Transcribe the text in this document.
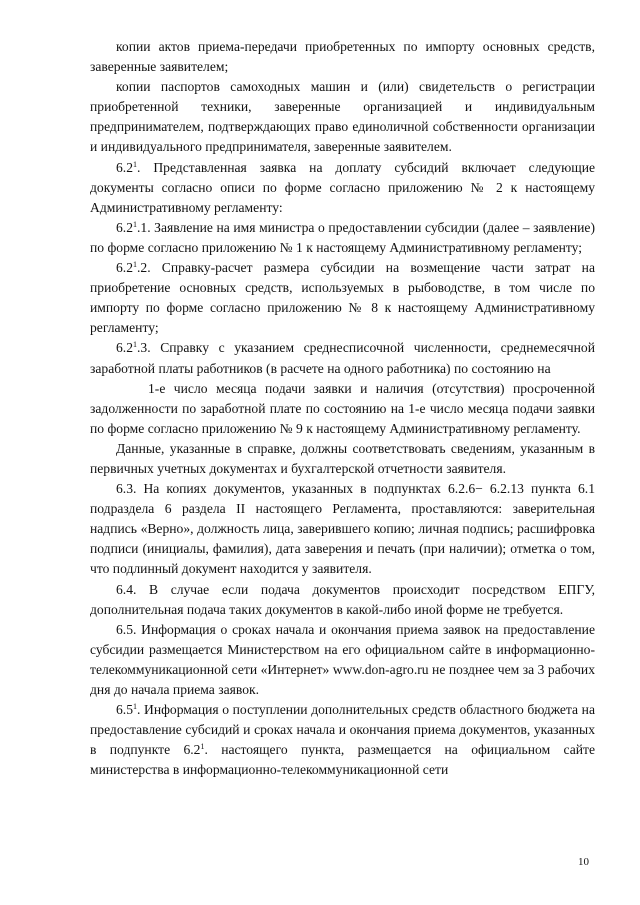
копии актов приема-передачи приобретенных по импорту основных средств, заверенные заявителем;

копии паспортов самоходных машин и (или) свидетельств о регистрации приобретенной техники, заверенные организацией и индивидуальным предпринимателем, подтверждающих право единоличной собственности организации и индивидуального предпринимателя, заверенные заявителем.

$6.2^1$. Представленная заявка на доплату субсидий включает следующие документы согласно описи по форме согласно приложению № 2 к настоящему Административному регламенту:

$6.2^1.1$. Заявление на имя министра о предоставлении субсидии (далее – заявление) по форме согласно приложению № 1 к настоящему Административному регламенту;

$6.2^1.2$. Справку-расчет размера субсидии на возмещение части затрат на приобретение основных средств, используемых в рыбоводстве, в том числе по импорту по форме согласно приложению № 8 к настоящему Административному регламенту;

$6.2^1.3$. Справку с указанием среднесписочной численности, среднемесячной заработной платы работников (в расчете на одного работника) по состоянию на

1-е число месяца подачи заявки и наличия (отсутствия) просроченной задолженности по заработной плате по состоянию на 1-е число месяца подачи заявки по форме согласно приложению № 9 к настоящему Административному регламенту.

Данные, указанные в справке, должны соответствовать сведениям, указанным в первичных учетных документах и бухгалтерской отчетности заявителя.

6.3. На копиях документов, указанных в подпунктах 6.2.6− 6.2.13 пункта 6.1 подраздела 6 раздела II настоящего Регламента, проставляются: заверительная надпись «Верно», должность лица, заверившего копию; личная подпись; расшифровка подписи (инициалы, фамилия), дата заверения и печать (при наличии); отметка о том, что подлинный документ находится у заявителя.

6.4. В случае если подача документов происходит посредством ЕПГУ, дополнительная подача таких документов в какой-либо иной форме не требуется.

6.5. Информация о сроках начала и окончания приема заявок на предоставление субсидии размещается Министерством на его официальном сайте в информационно-телекоммуникационной сети «Интернет» www.don-agro.ru не позднее чем за 3 рабочих дня до начала приема заявок.

$6.5^1$. Информация о поступлении дополнительных средств областного бюджета на предоставление субсидий и сроках начала и окончания приема документов, указанных в подпункте $6.2^1$. настоящего пункта, размещается на официальном сайте министерства в информационно-телекоммуникационной сети

10
